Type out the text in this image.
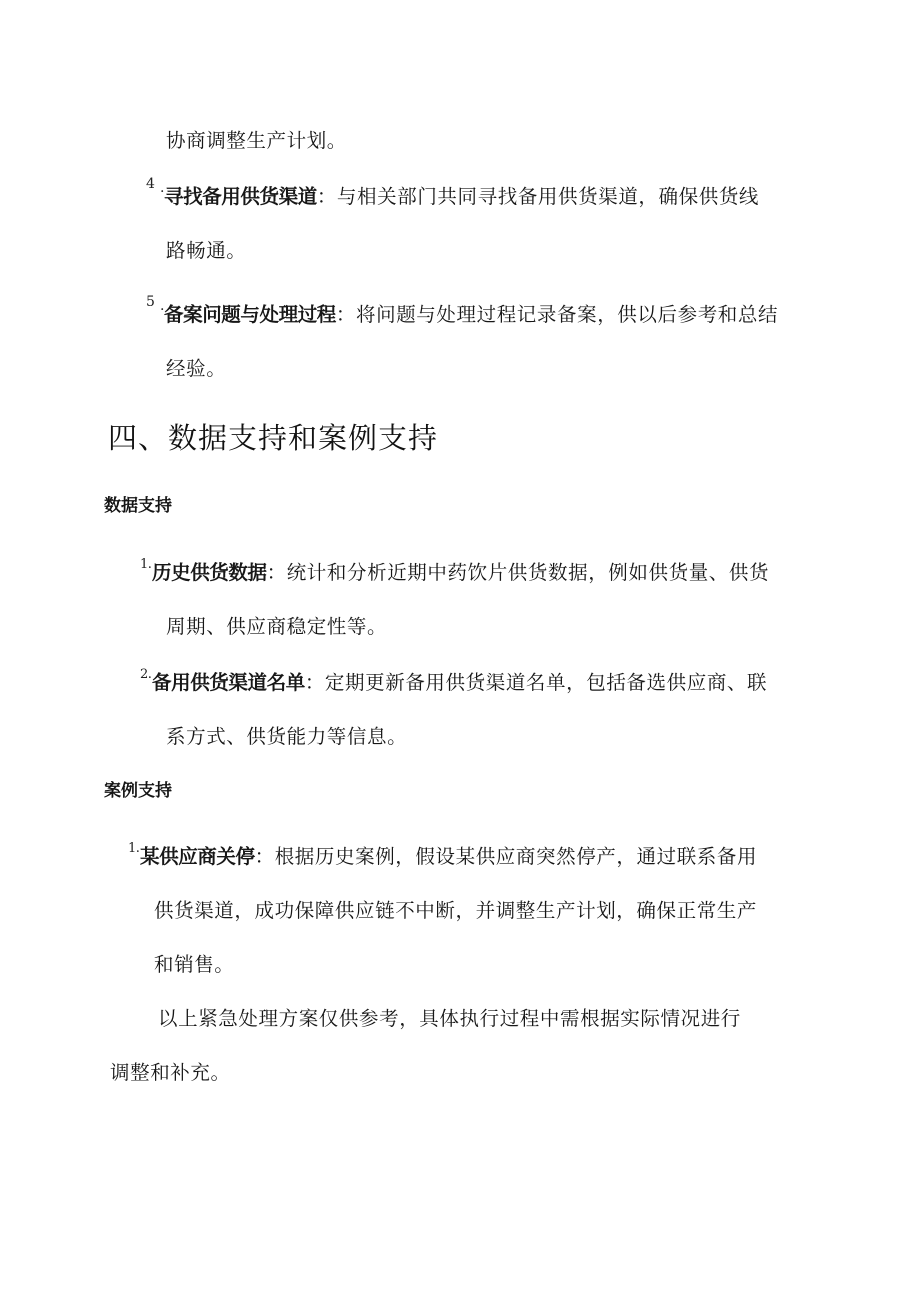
协商调整生产计划。
4 . 寻找备用供货渠道：与相关部门共同寻找备用供货渠道，确保供货线
路畅通。
5 . 备案问题与处理过程：将问题与处理过程记录备案，供以后参考和总结
经验。
四、数据支持和案例支持
数据支持
1. 历史供货数据：统计和分析近期中药饮片供货数据，例如供货量、供货
周期、供应商稳定性等。
2. 备用供货渠道名单：定期更新备用供货渠道名单，包括备选供应商、联
系方式、供货能力等信息。
案例支持
1. 某供应商关停：根据历史案例，假设某供应商突然停产，通过联系备用
供货渠道，成功保障供应链不中断，并调整生产计划，确保正常生产
和销售。
以上紧急处理方案仅供参考，具体执行过程中需根据实际情况进行
调整和补充。
